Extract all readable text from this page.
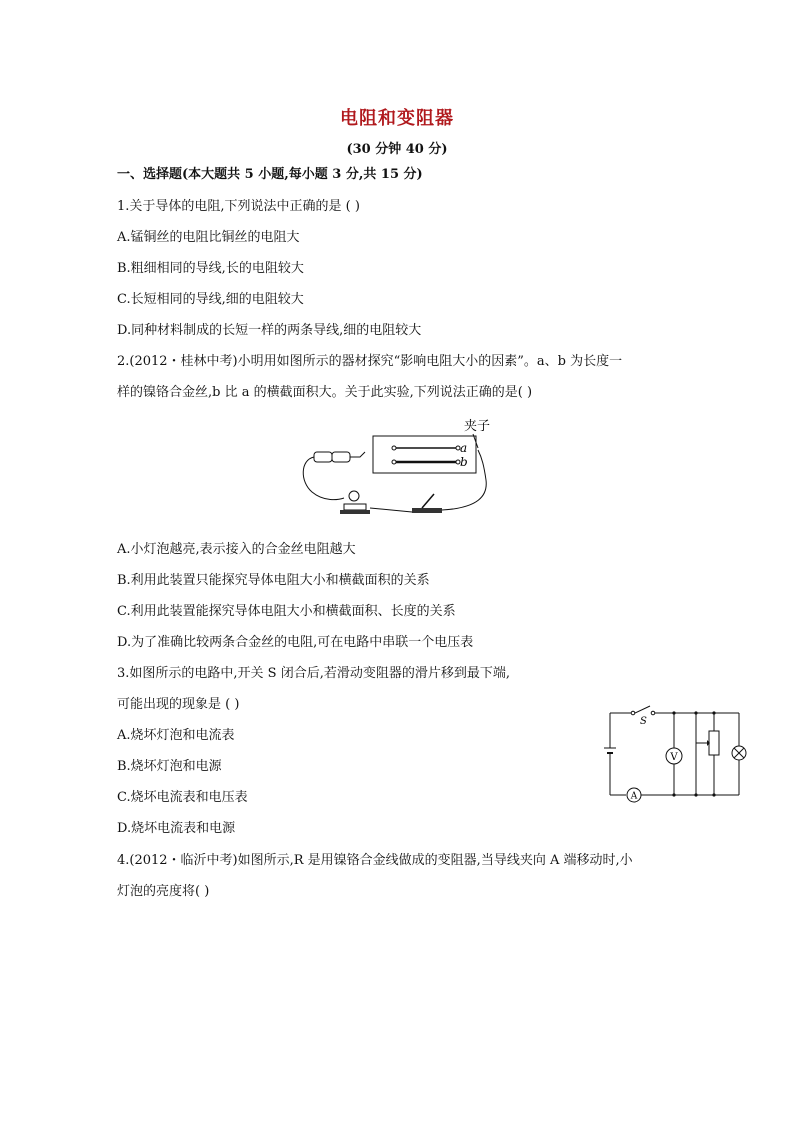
电阻和变阻器
(30 分钟 40 分)
一、选择题(本大题共 5 小题,每小题 3 分,共 15 分)
1.关于导体的电阻,下列说法中正确的是 ( )
A.锰铜丝的电阻比铜丝的电阻大
B.粗细相同的导线,长的电阻较大
C.长短相同的导线,细的电阻较大
D.同种材料制成的长短一样的两条导线,细的电阻较大
2.(2012・桂林中考)小明用如图所示的器材探究“影响电阻大小的因素”。a、b 为长度一
样的镍铬合金丝,b 比 a 的横截面积大。关于此实验,下列说法正确的是( )
夹子
a
b
A.小灯泡越亮,表示接入的合金丝电阻越大
B.利用此装置只能探究导体电阻大小和横截面积的关系
C.利用此装置能探究导体电阻大小和横截面积、长度的关系
D.为了准确比较两条合金丝的电阻,可在电路中串联一个电压表
3.如图所示的电路中,开关 S 闭合后,若滑动变阻器的滑片移到最下端,
可能出现的现象是 ( )
A.烧坏灯泡和电流表
B.烧坏灯泡和电源
C.烧坏电流表和电压表
D.烧坏电流表和电源
S
A
V
4.(2012・临沂中考)如图所示,R 是用镍铬合金线做成的变阻器,当导线夹向 A 端移动时,小
灯泡的亮度将( )
